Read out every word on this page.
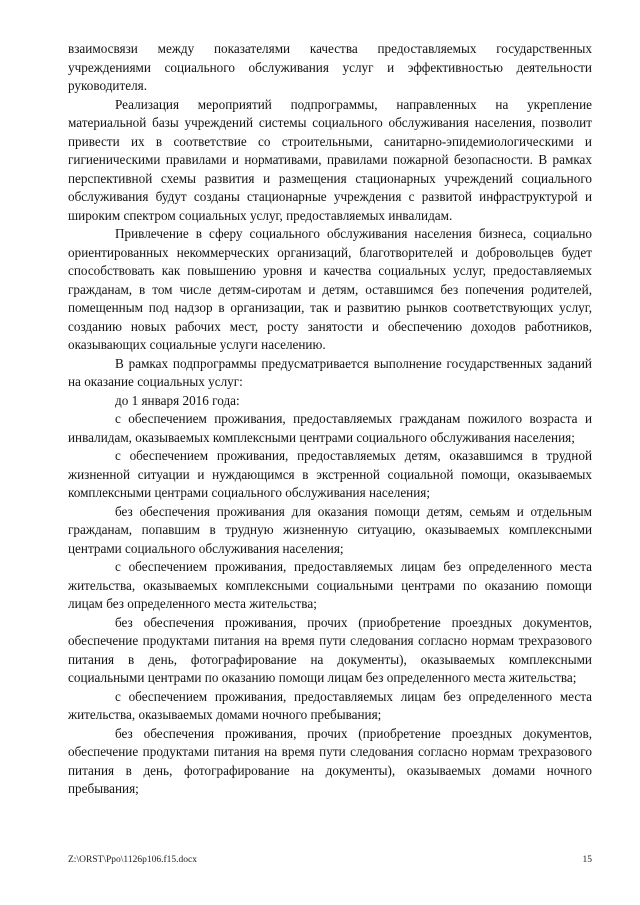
взаимосвязи между показателями качества предоставляемых государственных учреждениями социального обслуживания услуг и эффективностью деятельности руководителя.

Реализация мероприятий подпрограммы, направленных на укрепление материальной базы учреждений системы социального обслуживания населения, позволит привести их в соответствие со строительными, санитарно-эпидемиологическими и гигиеническими правилами и нормативами, правилами пожарной безопасности. В рамках перспективной схемы развития и размещения стационарных учреждений социального обслуживания будут созданы стационарные учреждения с развитой инфраструктурой и широким спектром социальных услуг, предоставляемых инвалидам.

Привлечение в сферу социального обслуживания населения бизнеса, социально ориентированных некоммерческих организаций, благотворителей и добровольцев будет способствовать как повышению уровня и качества социальных услуг, предоставляемых гражданам, в том числе детям-сиротам и детям, оставшимся без попечения родителей, помещенным под надзор в организации, так и развитию рынков соответствующих услуг, созданию новых рабочих мест, росту занятости и обеспечению доходов работников, оказывающих социальные услуги населению.

В рамках подпрограммы предусматривается выполнение государственных заданий на оказание социальных услуг:

до 1 января 2016 года:

с обеспечением проживания, предоставляемых гражданам пожилого возраста и инвалидам, оказываемых комплексными центрами социального обслуживания населения;

с обеспечением проживания, предоставляемых детям, оказавшимся в трудной жизненной ситуации и нуждающимся в экстренной социальной помощи, оказываемых комплексными центрами социального обслуживания населения;

без обеспечения проживания для оказания помощи детям, семьям и отдельным гражданам, попавшим в трудную жизненную ситуацию, оказываемых комплексными центрами социального обслуживания населения;

с обеспечением проживания, предоставляемых лицам без определенного места жительства, оказываемых комплексными социальными центрами по оказанию помощи лицам без определенного места жительства;

без обеспечения проживания, прочих (приобретение проездных документов, обеспечение продуктами питания на время пути следования согласно нормам трехразового питания в день, фотографирование на документы), оказываемых комплексными социальными центрами по оказанию помощи лицам без определенного места жительства;

с обеспечением проживания, предоставляемых лицам без определенного места жительства, оказываемых домами ночного пребывания;

без обеспечения проживания, прочих (приобретение проездных документов, обеспечение продуктами питания на время пути следования согласно нормам трехразового питания в день, фотографирование на документы), оказываемых домами ночного пребывания;

Z:\ORST\Ppo\1126p106.f15.docx	15
